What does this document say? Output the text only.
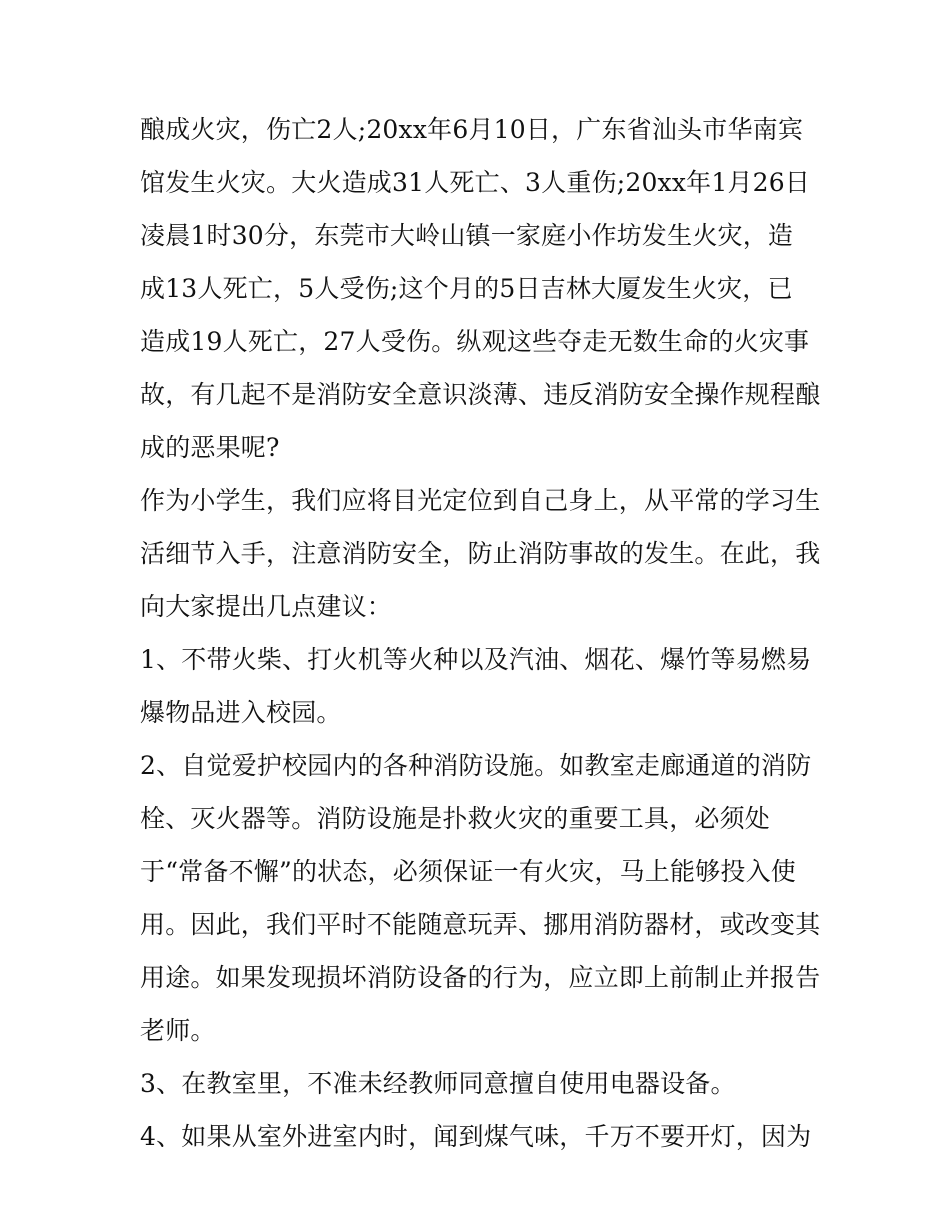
酿成火灾，伤亡2人;20xx年6月10日，广东省汕头市华南宾
馆发生火灾。大火造成31人死亡、3人重伤;20xx年1月26日
凌晨1时30分，东莞市大岭山镇一家庭小作坊发生火灾，造
成13人死亡，5人受伤;这个月的5日吉林大厦发生火灾，已
造成19人死亡，27人受伤。纵观这些夺走无数生命的火灾事
故，有几起不是消防安全意识淡薄、违反消防安全操作规程酿
成的恶果呢?
作为小学生，我们应将目光定位到自己身上，从平常的学习生
活细节入手，注意消防安全，防止消防事故的发生。在此，我
向大家提出几点建议：
1、不带火柴、打火机等火种以及汽油、烟花、爆竹等易燃易
爆物品进入校园。
2、自觉爱护校园内的各种消防设施。如教室走廊通道的消防
栓、灭火器等。消防设施是扑救火灾的重要工具，必须处
于“常备不懈”的状态，必须保证一有火灾，马上能够投入使
用。因此，我们平时不能随意玩弄、挪用消防器材，或改变其
用途。如果发现损坏消防设备的行为，应立即上前制止并报告
老师。
3、在教室里，不准未经教师同意擅自使用电器设备。
4、如果从室外进室内时，闻到煤气味，千万不要开灯，因为
